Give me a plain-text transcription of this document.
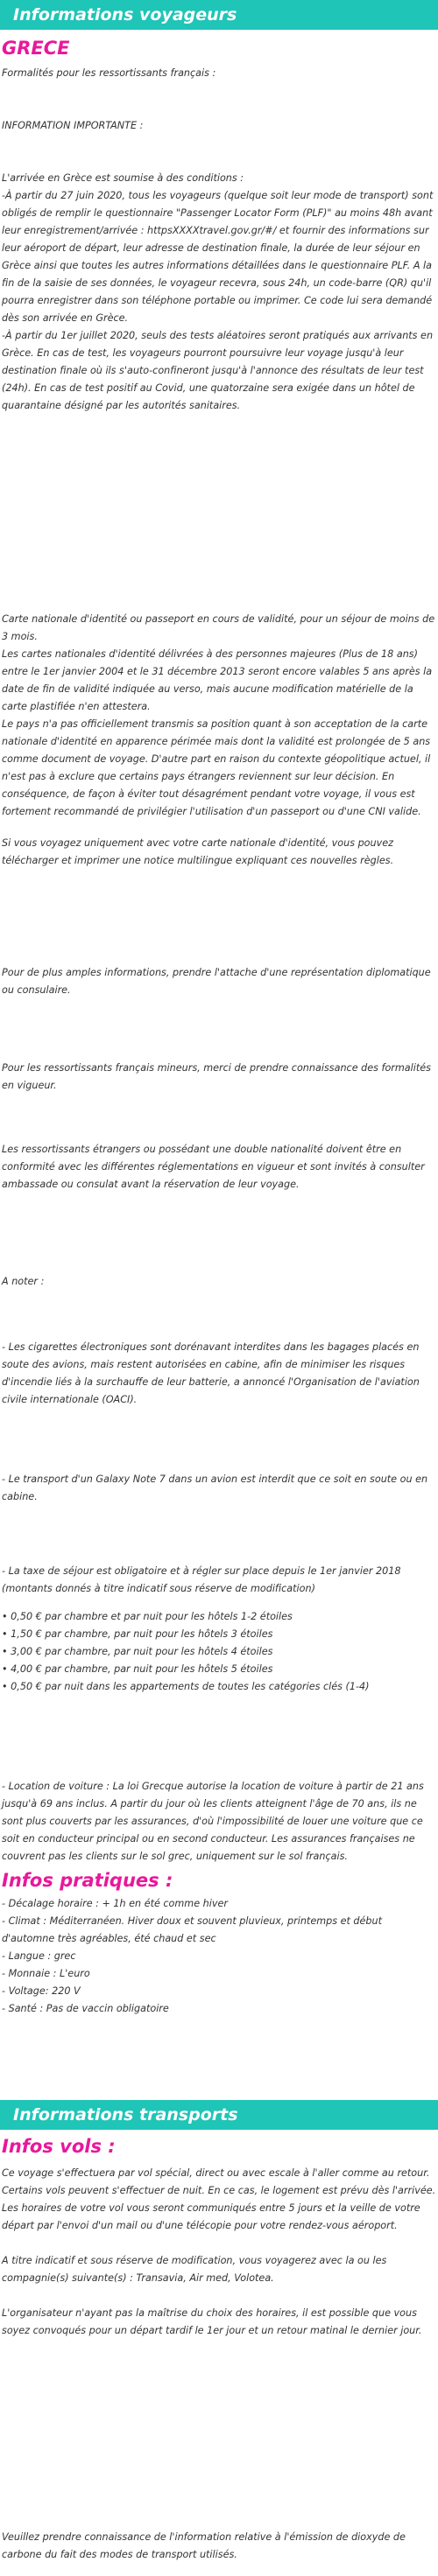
Informations voyageurs
GRECE

Formalités pour les ressortissants français :

INFORMATION IMPORTANTE :

L'arrivée en Grèce est soumise à des conditions :

-À partir du 27 juin 2020, tous les voyageurs (quelque soit leur mode de transport) sont obligés de remplir le questionnaire "Passenger Locator Form (PLF)" au moins 48h avant leur enregistrement/arrivée : httpsXXXXtravel.gov.gr/#/ et fournir des informations sur leur aéroport de départ, leur adresse de destination finale, la durée de leur séjour en Grèce ainsi que toutes les autres informations détaillées dans le questionnaire PLF. A la fin de la saisie de ses données, le voyageur recevra, sous 24h, un code-barre (QR) qu'il pourra enregistrer dans son téléphone portable ou imprimer. Ce code lui sera demandé dès son arrivée en Grèce.

-À partir du 1er juillet 2020, seuls des tests aléatoires seront pratiqués aux arrivants en Grèce. En cas de test, les voyageurs pourront poursuivre leur voyage jusqu'à leur destination finale où ils s'auto-confineront jusqu'à l'annonce des résultats de leur test (24h). En cas de test positif au Covid, une quatorzaine sera exigée dans un hôtel de quarantaine désigné par les autorités sanitaires.

Carte nationale d'identité ou passeport en cours de validité, pour un séjour de moins de 3 mois.

Les cartes nationales d'identité délivrées à des personnes majeures (Plus de 18 ans) entre le 1er janvier 2004 et le 31 décembre 2013 seront encore valables 5 ans après la date de fin de validité indiquée au verso, mais aucune modification matérielle de la carte plastifiée n'en attestera.

Le pays n'a pas officiellement transmis sa position quant à son acceptation de la carte nationale d'identité en apparence périmée mais dont la validité est prolongée de 5 ans comme document de voyage. D'autre part en raison du contexte géopolitique actuel, il n'est pas à exclure que certains pays étrangers reviennent sur leur décision. En conséquence, de façon à éviter tout désagrément pendant votre voyage, il vous est fortement recommandé de privilégier l'utilisation d'un passeport ou d'une CNI valide.

Si vous voyagez uniquement avec votre carte nationale d'identité, vous pouvez télécharger et imprimer une notice multilingue expliquant ces nouvelles règles.

Pour de plus amples informations, prendre l'attache d'une représentation diplomatique ou consulaire.

Pour les ressortissants français mineurs, merci de prendre connaissance des formalités en vigueur.

Les ressortissants étrangers ou possédant une double nationalité doivent être en conformité avec les différentes réglementations en vigueur et sont invités à consulter ambassade ou consulat avant la réservation de leur voyage.

A noter :

- Les cigarettes électroniques sont dorénavant interdites dans les bagages placés en soute des avions, mais restent autorisées en cabine, afin de minimiser les risques d'incendie liés à la surchauffe de leur batterie, a annoncé l'Organisation de l'aviation civile internationale (OACI).

- Le transport d'un Galaxy Note 7 dans un avion est interdit que ce soit en soute ou en cabine.

- La taxe de séjour est obligatoire et à régler sur place depuis le 1er janvier 2018 (montants donnés à titre indicatif sous réserve de modification)

• 0,50 € par chambre et par nuit pour les hôtels 1-2 étoiles
• 1,50 € par chambre, par nuit pour les hôtels 3 étoiles
• 3,00 € par chambre, par nuit pour les hôtels 4 étoiles
• 4,00 € par chambre, par nuit pour les hôtels 5 étoiles
• 0,50 € par nuit dans les appartements de toutes les catégories clés (1-4)

- Location de voiture : La loi Grecque autorise la location de voiture à partir de 21 ans jusqu'à 69 ans inclus. A partir du jour où les clients atteignent l'âge de 70 ans, ils ne sont plus couverts par les assurances, d'où l'impossibilité de louer une voiture que ce soit en conducteur principal ou en second conducteur. Les assurances françaises ne couvrent pas les clients sur le sol grec, uniquement sur le sol français.

Infos pratiques :

- Décalage horaire : + 1h en été comme hiver

- Climat : Méditerranéen. Hiver doux et souvent pluvieux, printemps et début d'automne très agréables, été chaud et sec

- Langue : grec

- Monnaie : L'euro

- Voltage: 220 V

- Santé : Pas de vaccin obligatoire

Informations transports
Infos vols :

Ce voyage s'effectuera par vol spécial, direct ou avec escale à l'aller comme au retour. Certains vols peuvent s'effectuer de nuit. En ce cas, le logement est prévu dès l'arrivée.

Les horaires de votre vol vous seront communiqués entre 5 jours et la veille de votre départ par l'envoi d'un mail ou d'une télécopie pour votre rendez-vous aéroport.

A titre indicatif et sous réserve de modification, vous voyagerez avec la ou les compagnie(s) suivante(s) : Transavia, Air med, Volotea.

L'organisateur n'ayant pas la maîtrise du choix des horaires, il est possible que vous soyez convoqués pour un départ tardif le 1er jour et un retour matinal le dernier jour.

Veuillez prendre connaissance de l'information relative à l'émission de dioxyde de carbone du fait des modes de transport utilisés.
